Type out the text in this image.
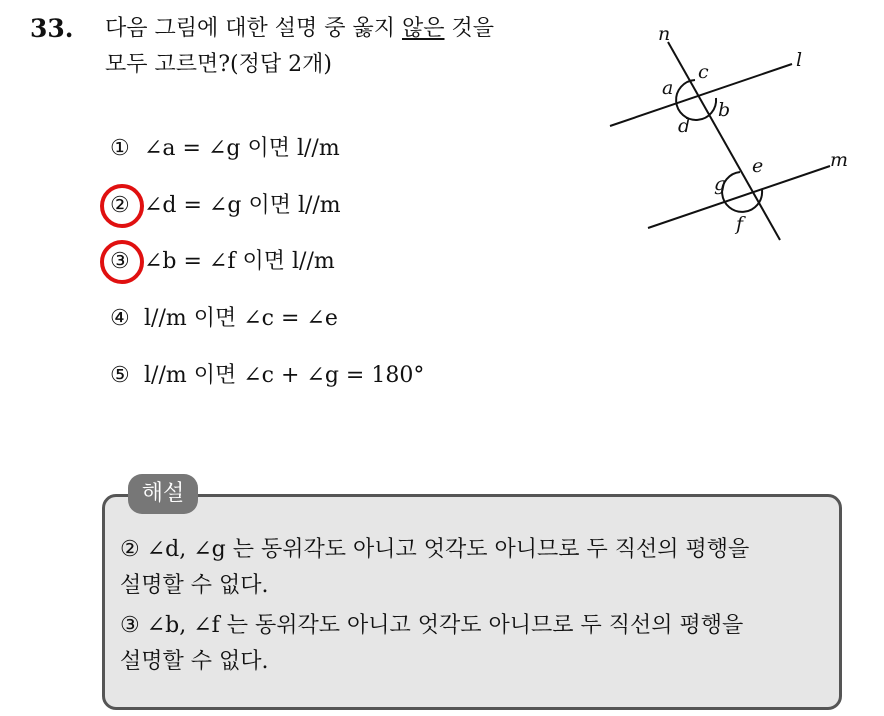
33. 다음 그림에 대한 설명 중 옳지 않은 것을
모두 고르면?(정답 2개)
① ∠a = ∠g 이면 l//m
② ∠d = ∠g 이면 l//m
③ ∠b = ∠f 이면 l//m
④ l//m 이면 ∠c = ∠e
⑤ l//m 이면 ∠c + ∠g = 180°
n
l
m
a
c
b
d
e
g
f
해설
② ∠d, ∠g 는 동위각도 아니고 엇각도 아니므로 두 직선의 평행을
설명할 수 없다.
③ ∠b, ∠f 는 동위각도 아니고 엇각도 아니므로 두 직선의 평행을
설명할 수 없다.
